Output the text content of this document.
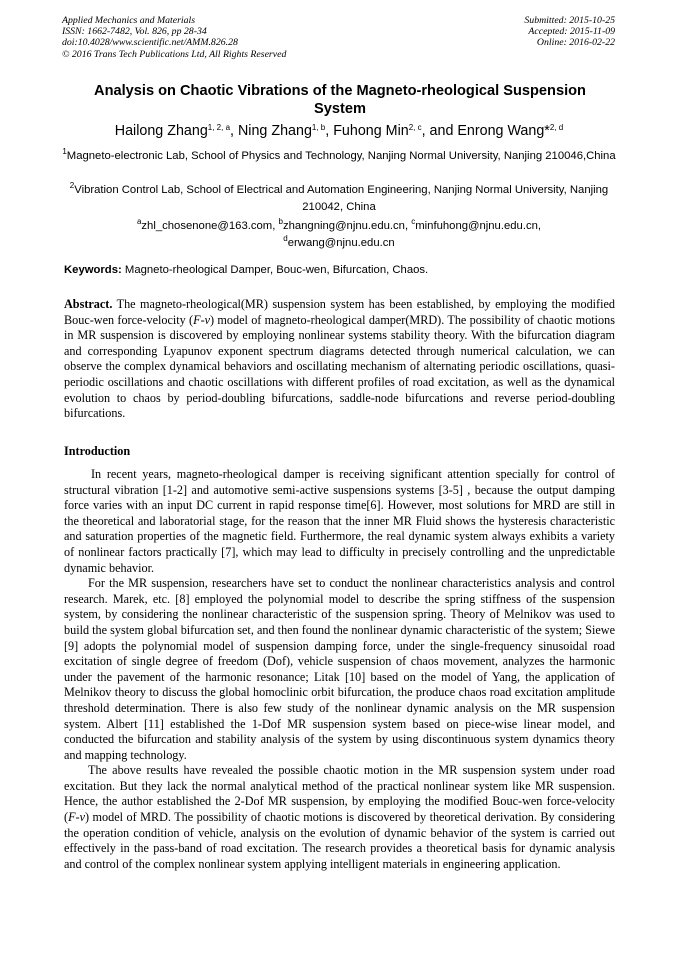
Applied Mechanics and Materials
ISSN: 1662-7482, Vol. 826, pp 28-34
doi:10.4028/www.scientific.net/AMM.826.28
© 2016 Trans Tech Publications Ltd, All Rights Reserved
Submitted: 2015-10-25
Accepted: 2015-11-09
Online: 2016-02-22
Analysis on Chaotic Vibrations of the Magneto-rheological Suspension
System
Hailong Zhang$^{1, 2, a}$, Ning Zhang$^{1, b}$, Fuhong Min$^{2, c}$, and Enrong Wang*$^{2, d}$
$^1$Magneto-electronic Lab, School of Physics and Technology, Nanjing Normal University, Nanjing 210046,China
$^2$Vibration Control Lab, School of Electrical and Automation Engineering, Nanjing Normal University, Nanjing 210042, China
$^a$zhl_chosenone@163.com, $^b$zhangning@njnu.edu.cn, $^c$minfuhong@njnu.edu.cn,
$^d$erwang@njnu.edu.cn
Keywords: Magneto-rheological Damper, Bouc-wen, Bifurcation, Chaos.
Abstract. The magneto-rheological(MR) suspension system has been established, by employing the modified Bouc-wen force-velocity (F-v) model of magneto-rheological damper(MRD). The possibility of chaotic motions in MR suspension is discovered by employing nonlinear systems stability theory. With the bifurcation diagram and corresponding Lyapunov exponent spectrum diagrams detected through numerical calculation, we can observe the complex dynamical behaviors and oscillating mechanism of alternating periodic oscillations, quasi-periodic oscillations and chaotic oscillations with different profiles of road excitation, as well as the dynamical evolution to chaos by period-doubling bifurcations, saddle-node bifurcations and reverse period-doubling bifurcations.
Introduction

In recent years, magneto-rheological damper is receiving significant attention specially for control of structural vibration [1-2] and automotive semi-active suspensions systems [3-5] , because the output damping force varies with an input DC current in rapid response time[6]. However, most solutions for MRD are still in the theoretical and laboratorial stage, for the reason that the inner MR Fluid shows the hysteresis characteristic and saturation properties of the magnetic field. Furthermore, the real dynamic system always exhibits a variety of nonlinear factors practically [7], which may lead to difficulty in precisely controlling and the unpredictable dynamic behavior.

For the MR suspension, researchers have set to conduct the nonlinear characteristics analysis and control research. Marek, etc. [8] employed the polynomial model to describe the spring stiffness of the suspension system, by considering the nonlinear characteristic of the suspension spring. Theory of Melnikov was used to build the system global bifurcation set, and then found the nonlinear dynamic characteristic of the system; Siewe [9] adopts the polynomial model of suspension damping force, under the single-frequency sinusoidal road excitation of single degree of freedom (Dof), vehicle suspension of chaos movement, analyzes the harmonic under the pavement of the harmonic resonance; Litak [10] based on the model of Yang, the application of Melnikov theory to discuss the global homoclinic orbit bifurcation, the produce chaos road excitation amplitude threshold determination. There is also few study of the nonlinear dynamic analysis on the MR suspension system. Albert [11] established the 1-Dof MR suspension system based on piece-wise linear model, and conducted the bifurcation and stability analysis of the system by using discontinuous system dynamics theory and mapping technology.

The above results have revealed the possible chaotic motion in the MR suspension system under road excitation. But they lack the normal analytical method of the practical nonlinear system like MR suspension. Hence, the author established the 2-Dof MR suspension, by employing the modified Bouc-wen force-velocity (F-v) model of MRD. The possibility of chaotic motions is discovered by theoretical derivation. By considering the operation condition of vehicle, analysis on the evolution of dynamic behavior of the system is carried out effectively in the pass-band of road excitation. The research provides a theoretical basis for dynamic analysis and control of the complex nonlinear system applying intelligent materials in engineering application.
